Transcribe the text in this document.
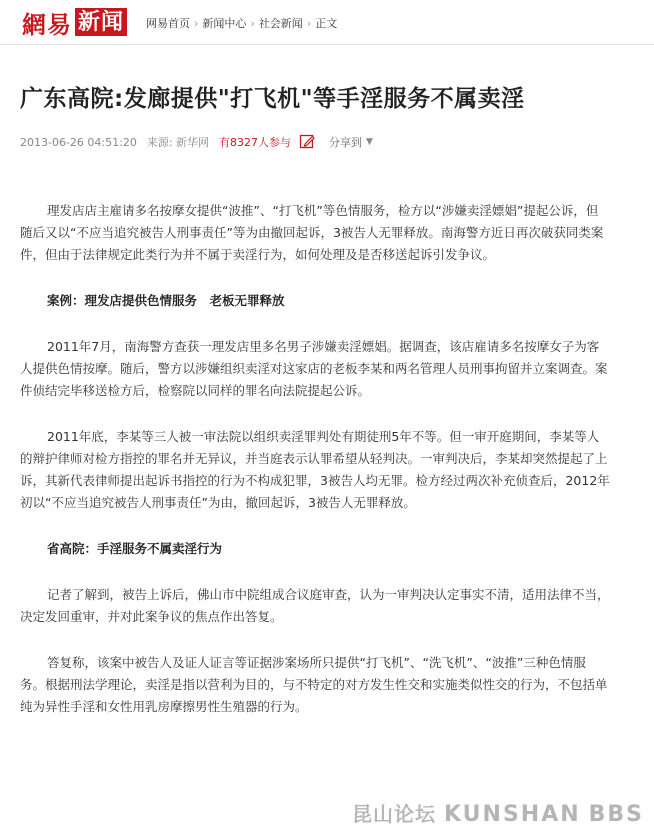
網易 新闻 网易首页 › 新闻中心 › 社会新闻 › 正文
广东高院:发廊提供"打飞机"等手淫服务不属卖淫
2013-06-26 04:51:20 来源: 新华网 有8327人参与	分享到 ▼

理发店店主雇请多名按摩女提供“波推”、“打飞机”等色情服务，检方以“涉嫌卖淫嫖娼”提起公诉，但随后又以“不应当追究被告人刑事责任”等为由撤回起诉，3被告人无罪释放。南海警方近日再次破获同类案件，但由于法律规定此类行为并不属于卖淫行为，如何处理及是否移送起诉引发争议。

案例：理发店提供色情服务　老板无罪释放

2011年7月，南海警方查获一理发店里多名男子涉嫌卖淫嫖娼。据调查，该店雇请多名按摩女子为客人提供色情按摩。随后，警方以涉嫌组织卖淫对这家店的老板李某和两名管理人员刑事拘留并立案调查。案件侦结完毕移送检方后，检察院以同样的罪名向法院提起公诉。

2011年底，李某等三人被一审法院以组织卖淫罪判处有期徒刑5年不等。但一审开庭期间，李某等人的辩护律师对检方指控的罪名并无异议，并当庭表示认罪希望从轻判决。一审判决后，李某却突然提起了上诉，其新代表律师提出起诉书指控的行为不构成犯罪，3被告人均无罪。检方经过两次补充侦查后，2012年初以“不应当追究被告人刑事责任”为由，撤回起诉，3被告人无罪释放。

省高院：手淫服务不属卖淫行为

记者了解到，被告上诉后，佛山市中院组成合议庭审查，认为一审判决认定事实不清，适用法律不当，决定发回重审，并对此案争议的焦点作出答复。

答复称，该案中被告人及证人证言等证据涉案场所只提供“打飞机”、“洗飞机”、“波推”三种色情服务。根据刑法学理论，卖淫是指以营利为目的，与不特定的对方发生性交和实施类似性交的行为，不包括单纯为异性手淫和女性用乳房摩擦男性生殖器的行为。

昆山论坛 KUNSHAN BBS
